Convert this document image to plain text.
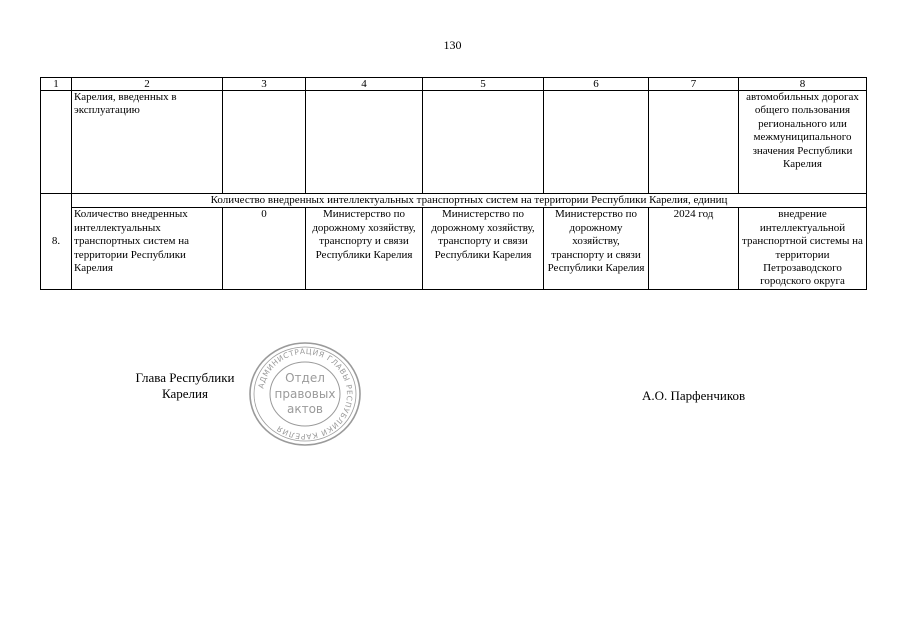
130
1	2	3	4	5	6	7	8
	Карелия, введенных в эксплуатацию						автомобильных дорогах общего пользования регионального или межмуниципального значения Республики Карелия
8.	Количество внедренных интеллектуальных транспортных систем на территории Республики Карелия, единиц						
	Количество внедренных интеллектуальных транспортных систем на территории Республики Карелия	0	Министерство по дорожному хозяйству, транспорту и связи Республики Карелия	Министерство по дорожному хозяйству, транспорту и связи Республики Карелия	Министерство по дорожному хозяйству, транспорту и связи Республики Карелия	2024 год	внедрение интеллектуальной транспортной системы на территории Петрозаводского городского округа
Глава Республики Карелия	А.О. Парфенчиков
АДМИНИСТРАЦИЯ ГЛАВЫ РЕСПУБЛИКИ КАРЕЛИЯ
Отдел
правовых
актов
